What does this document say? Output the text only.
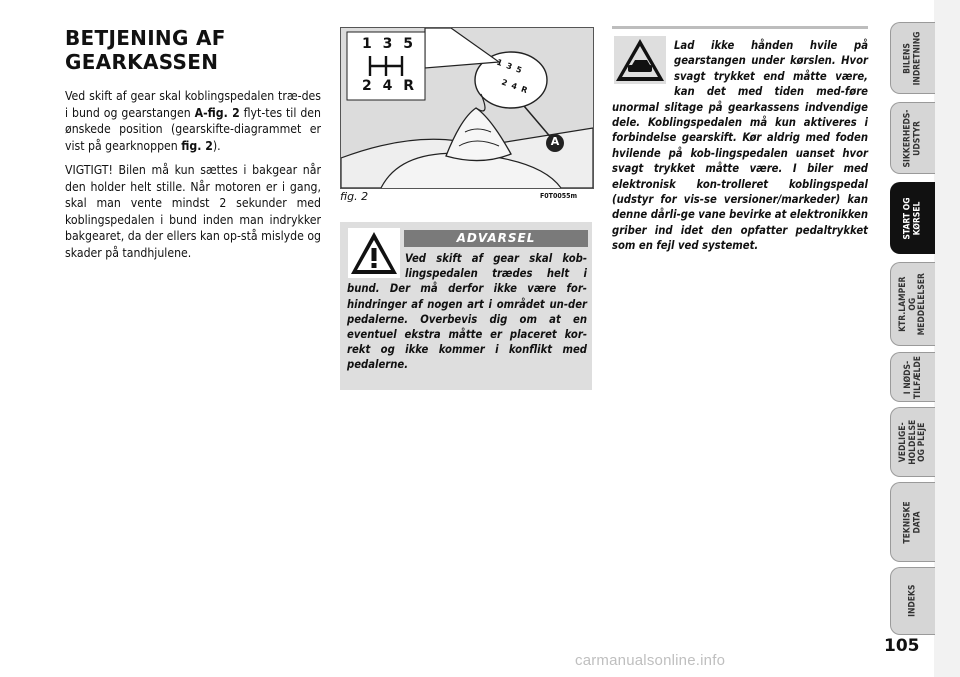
BETJENING AF
GEARKASSEN

Ved skift af gear skal koblingspedalen træ-des i bund og gearstangen A-fig. 2 flyt-tes til den ønskede position (gearskifte-diagrammet er vist på gearknoppen fig. 2).

VIGTIGT! Bilen må kun sættes i bakgear når den holder helt stille. Når motoren er i gang, skal man vente mindst 2 sekunder med koblingspedalen i bund inden man indrykker bakgearet, da der ellers kan op-stå mislyde og skader på tandhjulene.

1 3 5
2 4 R
1 3 5
2 4 R
A
fig. 2	F0T0055m
ADVARSEL
Ved skift af gear skal kob-lingspedalen trædes helt i bund. Der må derfor ikke være for-hindringer af nogen art i området un-der pedalerne. Overbevis dig om at en eventuel ekstra måtte er placeret kor-rekt og ikke kommer i konflikt med pedalerne.
Lad ikke hånden hvile på gearstangen under kørslen. Hvor svagt trykket end måtte være, kan det med tiden med-føre unormal slitage på gearkassens indvendige dele. Koblingspedalen må kun aktiveres i forbindelse gearskift. Kør aldrig med foden hvilende på kob-lingspedalen uanset hvor svagt trykket måtte være. I biler med elektronisk kon-trolleret koblingspedal (udstyr for vis-se versioner/markeder) kan denne dårli-ge vane bevirke at elektronikken griber ind idet den opfatter pedaltrykket som en fejl ved systemet.
BILENS
INDRETNING
SIKKERHEDS-
UDSTYR
START OG
KØRSEL
KTR.LAMPER
OG
MEDDELELSER
I NØDS-
TILFÆLDE
VEDLIGE-
HOLDELSE
OG PLEJE
TEKNISKE
DATA
INDEKS
105
carmanualsonline.info
